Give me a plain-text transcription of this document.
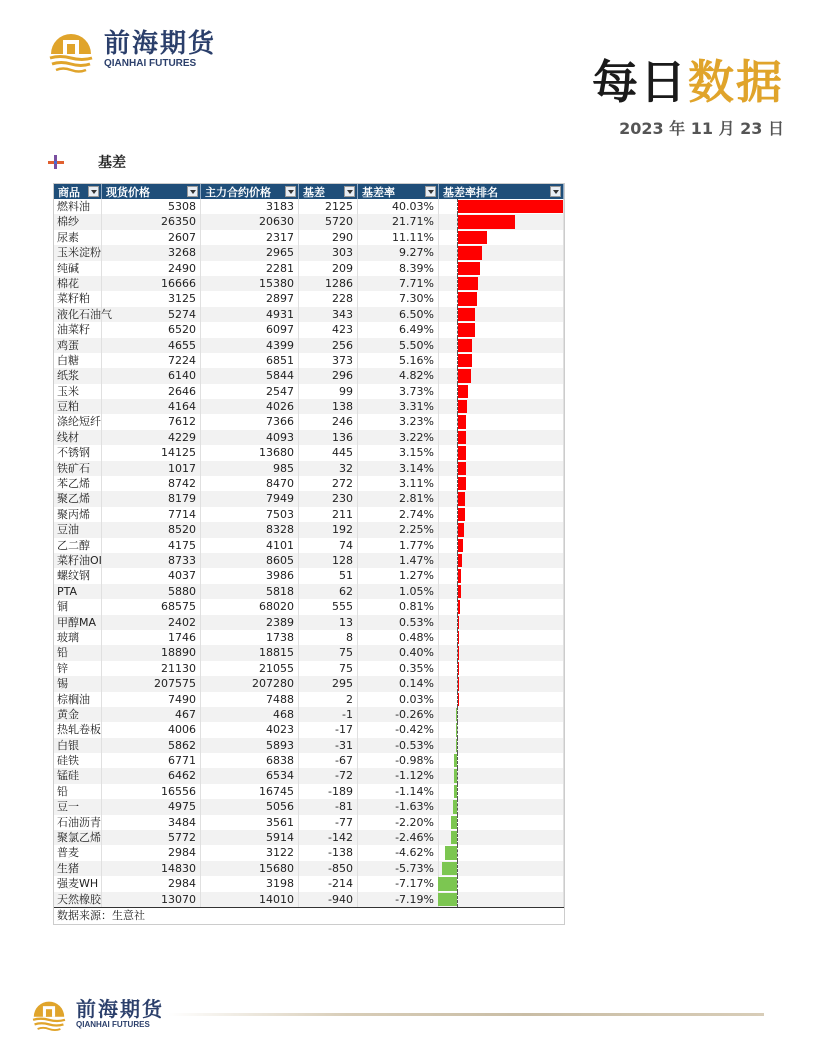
前海期货
QIANHAI FUTURES	每日数据
2023 年 11 月 23 日
基差
商品 现货价格	主力合约价格	基差	基差率	基差率排名
燃料油	5308	3183	2125	40.03%
棉纱	26350	20630	5720	21.71%
尿素	2607	2317	290	11.11%
玉米淀粉	3268	2965	303	9.27%
纯碱	2490	2281	209	8.39%
棉花	16666	15380	1286	7.71%
菜籽粕	3125	2897	228	7.30%
液化石油气	5274	4931	343	6.50%
油菜籽	6520	6097	423	6.49%
鸡蛋	4655	4399	256	5.50%
白糖	7224	6851	373	5.16%
纸浆	6140	5844	296	4.82%
玉米	2646	2547	99	3.73%
豆粕	4164	4026	138	3.31%
涤纶短纤	7612	7366	246	3.23%
线材	4229	4093	136	3.22%
不锈钢	14125	13680	445	3.15%
铁矿石	1017	985	32	3.14%
苯乙烯	8742	8470	272	3.11%
聚乙烯	8179	7949	230	2.81%
聚丙烯	7714	7503	211	2.74%
豆油	8520	8328	192	2.25%
乙二醇	4175	4101	74	1.77%
菜籽油OI	8733	8605	128	1.47%
螺纹钢	4037	3986	51	1.27%
PTA	5880	5818	62	1.05%
铜	68575	68020	555	0.81%
甲醇MA	2402	2389	13	0.53%
玻璃	1746	1738	8	0.48%
铅	18890	18815	75	0.40%
锌	21130	21055	75	0.35%
锡	207575	207280	295	0.14%
棕榈油	7490	7488	2	0.03%
黄金	467	468	-1	-0.26%
热轧卷板	4006	4023	-17	-0.42%
白银	5862	5893	-31	-0.53%
硅铁	6771	6838	-67	-0.98%
锰硅	6462	6534	-72	-1.12%
铅	16556	16745	-189	-1.14%
豆一	4975	5056	-81	-1.63%
石油沥青	3484	3561	-77	-2.20%
聚氯乙烯	5772	5914	-142	-2.46%
普麦	2984	3122	-138	-4.62%
生猪	14830	15680	-850	-5.73%
强麦WH	2984	3198	-214	-7.17%
天然橡胶	13070	14010	-940	-7.19%
数据来源：生意社
前海期货
QIANHAI FUTURES
